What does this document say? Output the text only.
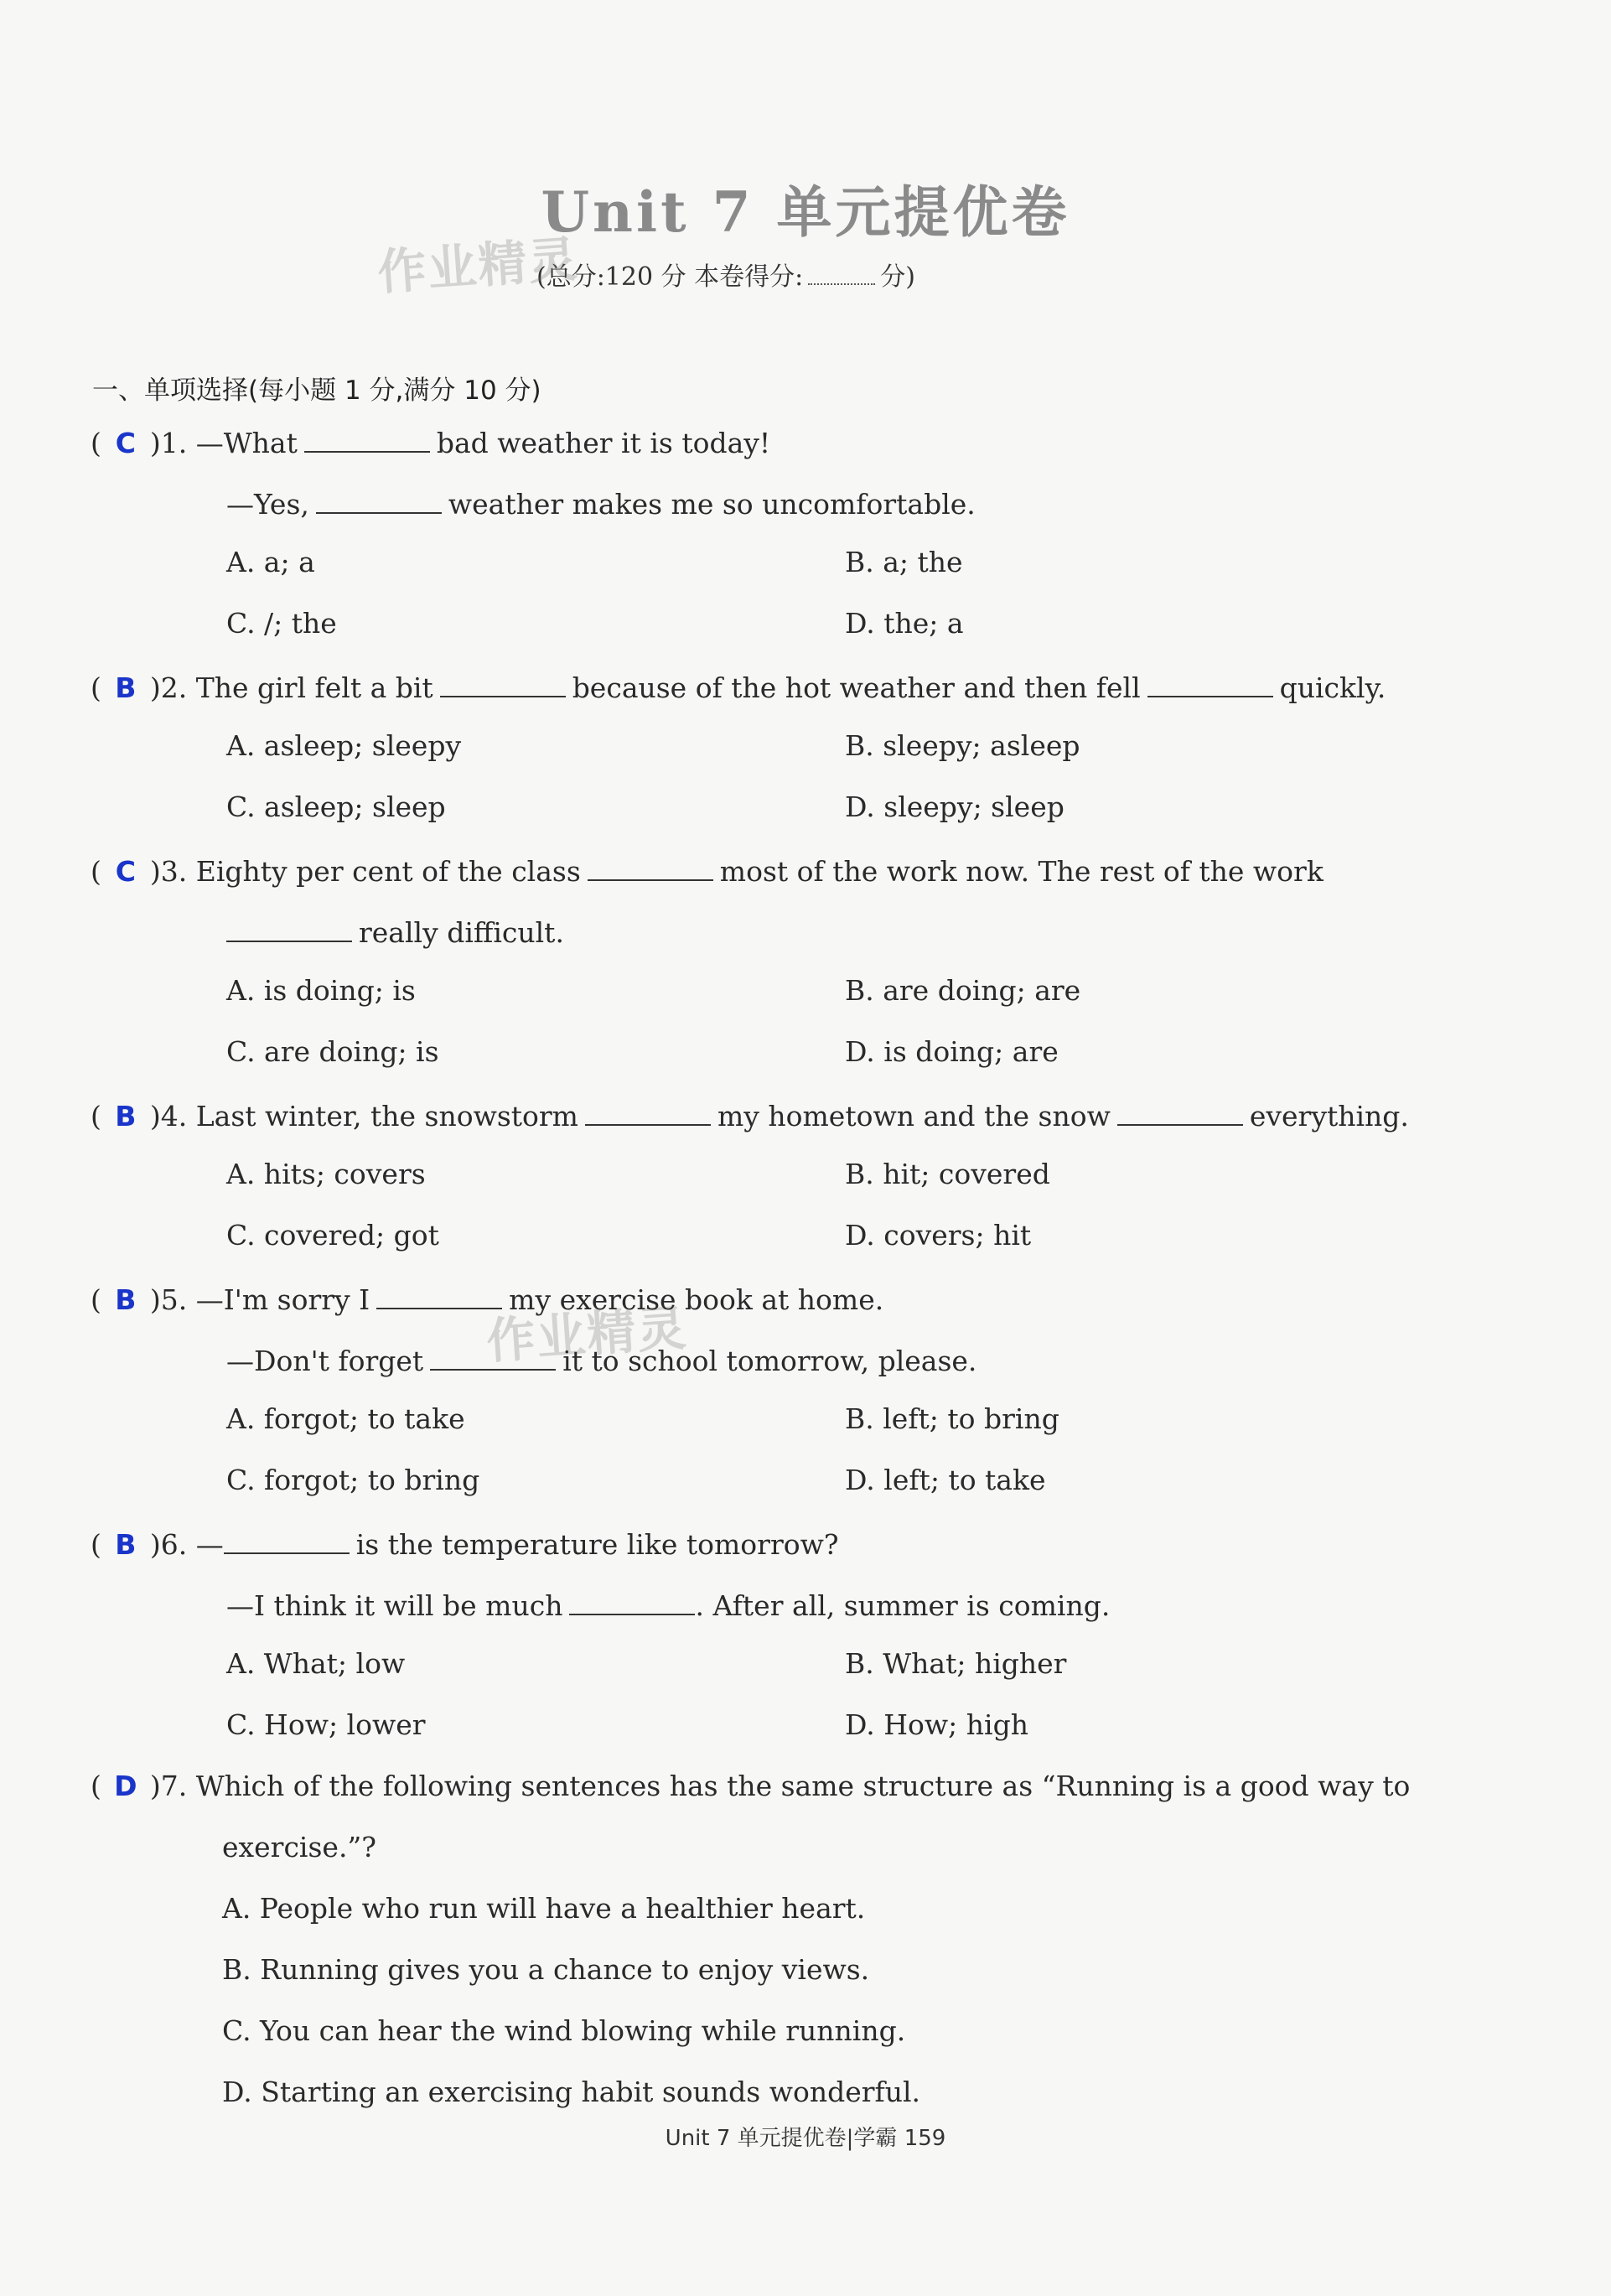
Unit 7 单元提优卷
(总分:120 分 本卷得分:	分)
作业精灵
作业精灵
一、单项选择(每小题 1 分,满分 10 分)
( C )1. —What	bad weather it is today!
—Yes,	weather makes me so uncomfortable.
A. a; a	B. a; the
C. /; the	D. the; a
( B )2. The girl felt a bit	because of the hot weather and then fell	quickly.
A. asleep; sleepy	B. sleepy; asleep
C. asleep; sleep	D. sleepy; sleep
( C )3. Eighty per cent of the class	most of the work now. The rest of the work
really difficult.
A. is doing; is	B. are doing; are
C. are doing; is	D. is doing; are
( B )4. Last winter, the snowstorm	my hometown and the snow	everything.
A. hits; covers	B. hit; covered
C. covered; got	D. covers; hit
( B )5. —I'm sorry I	my exercise book at home.
—Don't forget	it to school tomorrow, please.
A. forgot; to take	B. left; to bring
C. forgot; to bring	D. left; to take
( B )6. —	is the temperature like tomorrow?
—I think it will be much	. After all, summer is coming.
A. What; low	B. What; higher
C. How; lower	D. How; high
( D )7. Which of the following sentences has the same structure as “Running is a good way to
exercise.”?
A. People who run will have a healthier heart.
B. Running gives you a chance to enjoy views.
C. You can hear the wind blowing while running.
D. Starting an exercising habit sounds wonderful.
Unit 7 单元提优卷|学霸 159
